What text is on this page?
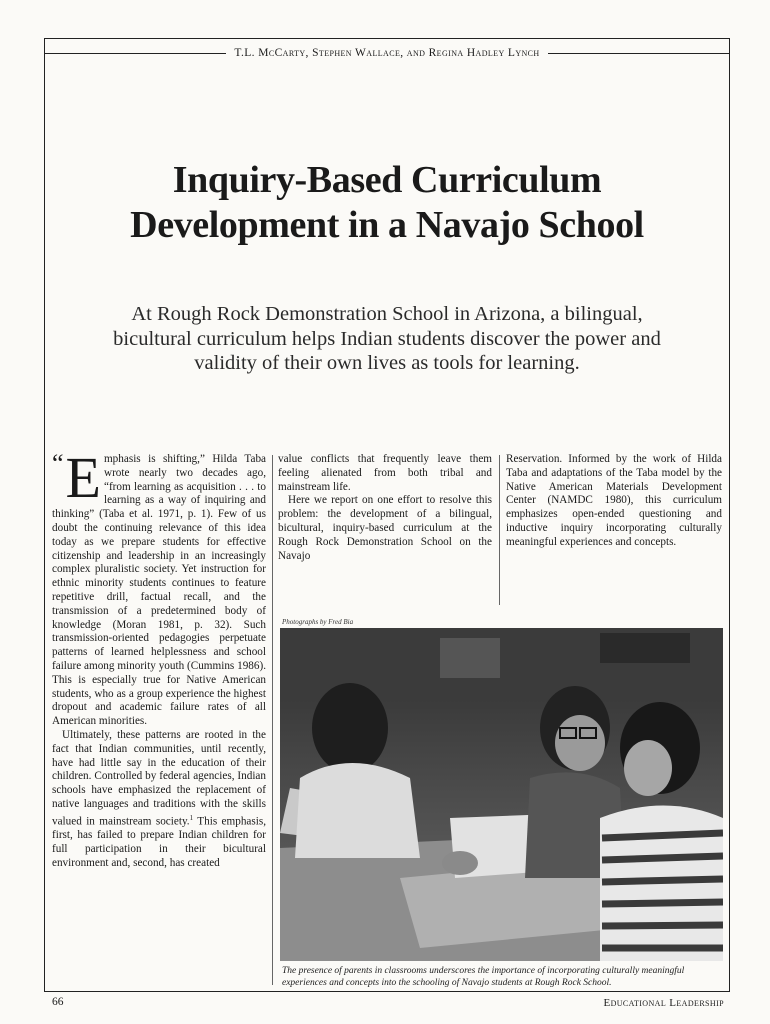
T.L. McCarty, Stephen Wallace, and Regina Hadley Lynch
Inquiry-Based Curriculum
Development in a Navajo School

At Rough Rock Demonstration School in Arizona, a bilingual, bicultural curriculum helps Indian students discover the power and validity of their own lives as tools for learning.

“ E mphasis is shifting,” Hilda Taba wrote nearly two decades ago, “from learning as acquisition . . . to learning as a way of inquiring and thinking” (Taba et al. 1971, p. 1). Few of us doubt the continuing relevance of this idea today as we prepare students for effective citizenship and leadership in an increasingly complex pluralistic society. Yet instruction for ethnic minority students continues to feature repetitive drill, factual recall, and the transmission of a predetermined body of knowledge (Moran 1981, p. 32). Such transmission-oriented pedagogies perpetuate patterns of learned helplessness and school failure among minority youth (Cummins 1986). This is especially true for Native American students, who as a group experience the highest dropout and academic failure rates of all American minorities.

Ultimately, these patterns are rooted in the fact that Indian communities, until recently, have had little say in the education of their children. Controlled by federal agencies, Indian schools have emphasized the replacement of native languages and traditions with the skills valued in mainstream society.$^1$ This emphasis, first, has failed to prepare Indian children for full participation in their bicultural environment and, second, has created

value conflicts that frequently leave them feeling alienated from both tribal and mainstream life.

Here we report on one effort to resolve this problem: the development of a bilingual, bicultural, inquiry-based curriculum at the Rough Rock Demonstration School on the Navajo

Reservation. Informed by the work of Hilda Taba and adaptations of the Taba model by the Native American Materials Development Center (NAMDC 1980), this curriculum emphasizes open-ended questioning and inductive inquiry incorporating culturally meaningful experiences and concepts.

Photographs by Fred Bia

The presence of parents in classrooms underscores the importance of incorporating culturally meaningful experiences and concepts into the schooling of Navajo students at Rough Rock School.

66	Educational Leadership
